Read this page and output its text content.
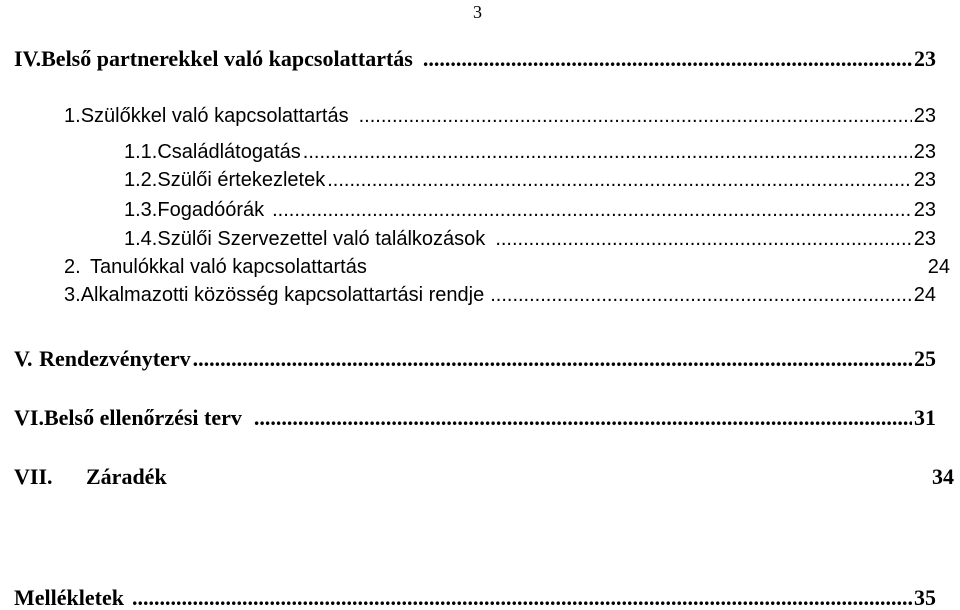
3
IV. Belső partnerekkel való kapcsolattartás .....	23
1. Szülőkkel való kapcsolattartás .....	23
1.1. Családlátogatás .....	23
1.2. Szülői értekezletek .....	23
1.3. Fogadóórák .....	23
1.4. Szülői Szervezettel való találkozások .....	23
2. Tanulókkal való kapcsolattartás	24
3. Alkalmazotti közösség kapcsolattartási rendje .....	24
V. Rendezvényterv .....	25
VI. Belső ellenőrzési terv .....	31
VII.	Záradék	34
Mellékletek .....	35
